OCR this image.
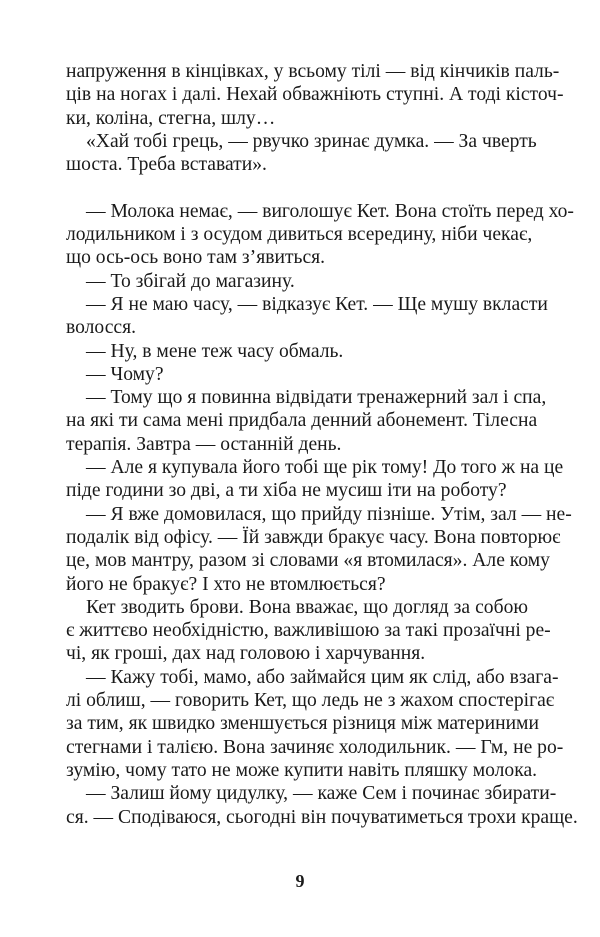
напруження в кінцівках, у всьому тілі — від кінчиків паль-
ців на ногах і далі. Нехай обважніють ступні. А тоді кісточ-
ки, коліна, стегна, шлу…
«Хай тобі грець, — рвучко зринає думка. — За чверть
шоста. Треба вставати».
— Молока немає, — виголошує Кет. Вона стоїть перед хо-
лодильником і з осудом дивиться всередину, ніби чекає,
що ось-ось воно там з’явиться.
— То збігай до магазину.
— Я не маю часу, — відказує Кет. — Ще мушу вкласти
волосся.
— Ну, в мене теж часу обмаль.
— Чому?
— Тому що я повинна відвідати тренажерний зал і спа,
на які ти сама мені придбала денний абонемент. Тілесна
терапія. Завтра — останній день.
— Але я купувала його тобі ще рік тому! До того ж на це
піде години зо дві, а ти хіба не мусиш іти на роботу?
— Я вже домовилася, що прийду пізніше. Утім, зал — не-
подалік від офісу. — Їй завжди бракує часу. Вона повторює
це, мов мантру, разом зі словами «я втомилася». Але кому
його не бракує? І хто не втомлюється?
Кет зводить брови. Вона вважає, що догляд за собою
є життєво необхідністю, важливішою за такі прозаїчні ре-
чі, як гроші, дах над головою і харчування.
— Кажу тобі, мамо, або займайся цим як слід, або взага-
лі облиш, — говорить Кет, що ледь не з жахом спостерігає
за тим, як швидко зменшується різниця між материними
стегнами і талією. Вона зачиняє холодильник. — Гм, не ро-
зумію, чому тато не може купити навіть пляшку молока.
— Залиш йому цидулку, — каже Сем і починає збирати-
ся. — Сподіваюся, сьогодні він почуватиметься трохи краще.
9
